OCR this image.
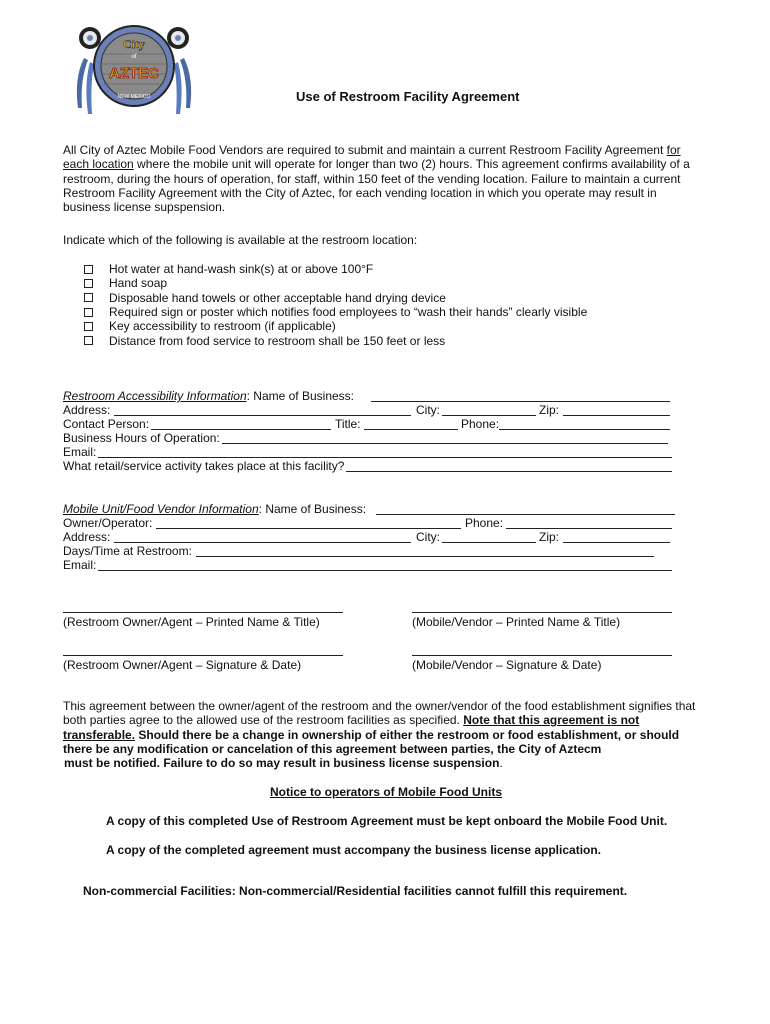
City
of
AZTEC
NEW MEXICO	Use of Restroom Facility Agreement
All City of Aztec Mobile Food Vendors are required to submit and maintain a current Restroom Facility Agreement for each location where the mobile unit will operate for longer than two (2) hours. This agreement confirms availability of a restroom, during the hours of operation, for staff, within 150 feet of the vending location. Failure to maintain a current Restroom Facility Agreement with the City of Aztec, for each vending location in which you operate may result in business license supspension.
Indicate which of the following is available at the restroom location:
Hot water at hand-wash sink(s) at or above 100°F
Hand soap
Disposable hand towels or other acceptable hand drying device
Required sign or poster which notifies food employees to “wash their hands” clearly visible
Key accessibility to restroom (if applicable)
Distance from food service to restroom shall be 150 feet or less
Restroom Accessibility Information: Name of Business:
Address:	City:	Zip:
Contact Person:	Title:	Phone:
Business Hours of Operation:
Email:
What retail/service activity takes place at this facility?
Mobile Unit/Food Vendor Information: Name of Business:
Owner/Operator:	Phone:
Address:	City:	Zip:
Days/Time at Restroom:
Email:
(Restroom Owner/Agent – Printed Name & Title)	(Mobile/Vendor – Printed Name & Title)
(Restroom Owner/Agent – Signature & Date)	(Mobile/Vendor – Signature & Date)
This agreement between the owner/agent of the restroom and the owner/vendor of the food establishment signifies that both parties agree to the allowed use of the restroom facilities as specified. Note that this agreement is not transferable. Should there be a change in ownership of either the restroom or food establishment, or should there be any modification or cancelation of this agreement between parties, the City of Aztecm
must be notified. Failure to do so may result in business license suspension.
Notice to operators of Mobile Food Units
A copy of this completed Use of Restroom Agreement must be kept onboard the Mobile Food Unit.
A copy of the completed agreement must accompany the business license application.
Non-commercial Facilities: Non-commercial/Residential facilities cannot fulfill this requirement.
